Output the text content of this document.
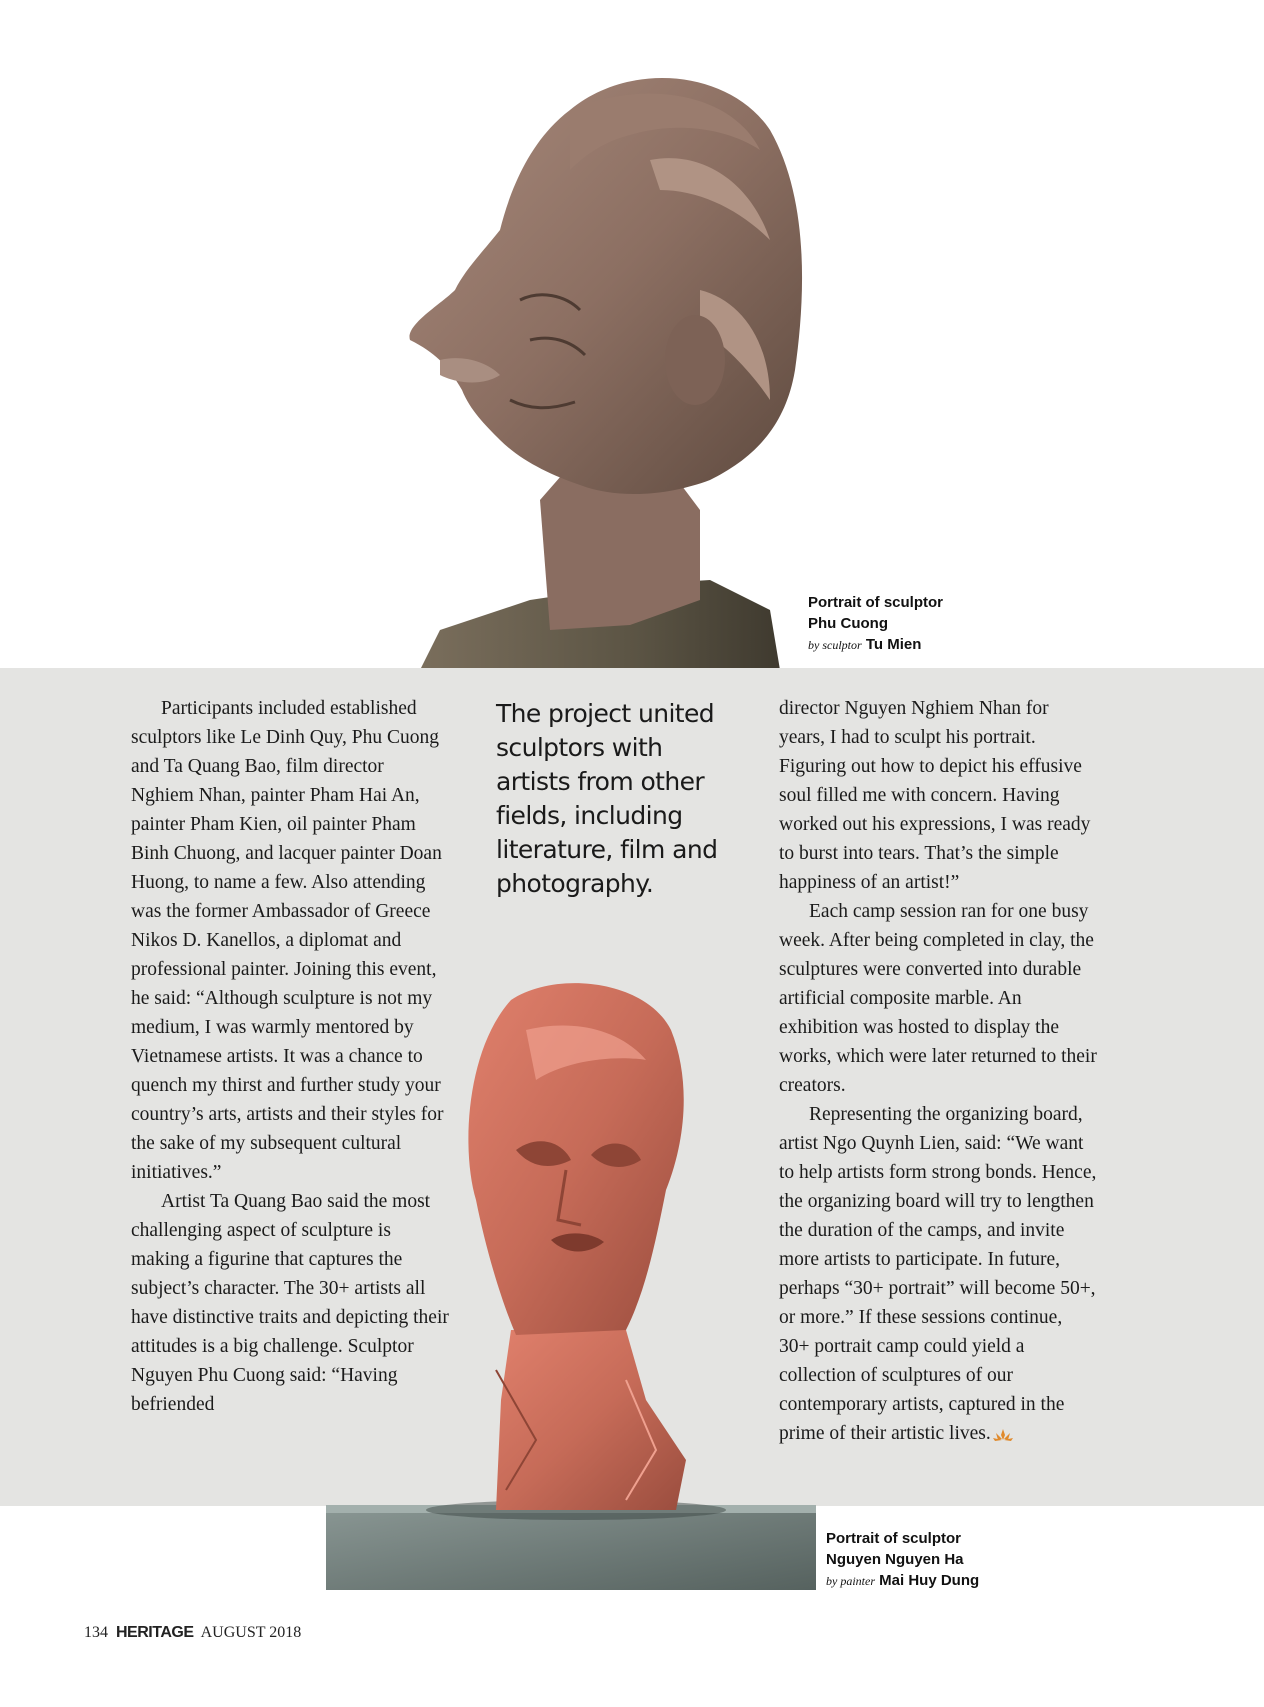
Portrait of sculptor
Phu Cuong
by sculptor Tu Mien

Participants included established sculptors like Le Dinh Quy, Phu Cuong and Ta Quang Bao, film director Nghiem Nhan, painter Pham Hai An, painter Pham Kien, oil painter Pham Binh Chuong, and lacquer painter Doan Huong, to name a few. Also attending was the former Ambassador of Greece Nikos D. Kanellos, a diplomat and professional painter. Joining this event, he said: “Although sculpture is not my medium, I was warmly mentored by Vietnamese artists. It was a chance to quench my thirst and further study your country’s arts, artists and their styles for the sake of my subsequent cultural initiatives.”

Artist Ta Quang Bao said the most challenging aspect of sculpture is making a figurine that captures the subject’s character. The 30+ artists all have distinctive traits and depicting their attitudes is a big challenge. Sculptor Nguyen Phu Cuong said: “Having befriended

The project united sculptors with artists from other fields, including literature, film and photography.

director Nguyen Nghiem Nhan for years, I had to sculpt his portrait. Figuring out how to depict his effusive soul filled me with concern. Having worked out his expressions, I was ready to burst into tears. That’s the simple happiness of an artist!”

Each camp session ran for one busy week. After being completed in clay, the sculptures were converted into durable artificial composite marble. An exhibition was hosted to display the works, which were later returned to their creators.

Representing the organizing board, artist Ngo Quynh Lien, said: “We want to help artists form strong bonds. Hence, the organizing board will try to lengthen the duration of the camps, and invite more artists to participate. In future, perhaps “30+ portrait” will become 50+, or more.” If these sessions continue, 30+ portrait camp could yield a collection of sculptures of our contemporary artists, captured in the prime of their artistic lives.

Portrait of sculptor
Nguyen Nguyen Ha
by painter Mai Huy Dung
134 HERITAGE AUGUST 2018
